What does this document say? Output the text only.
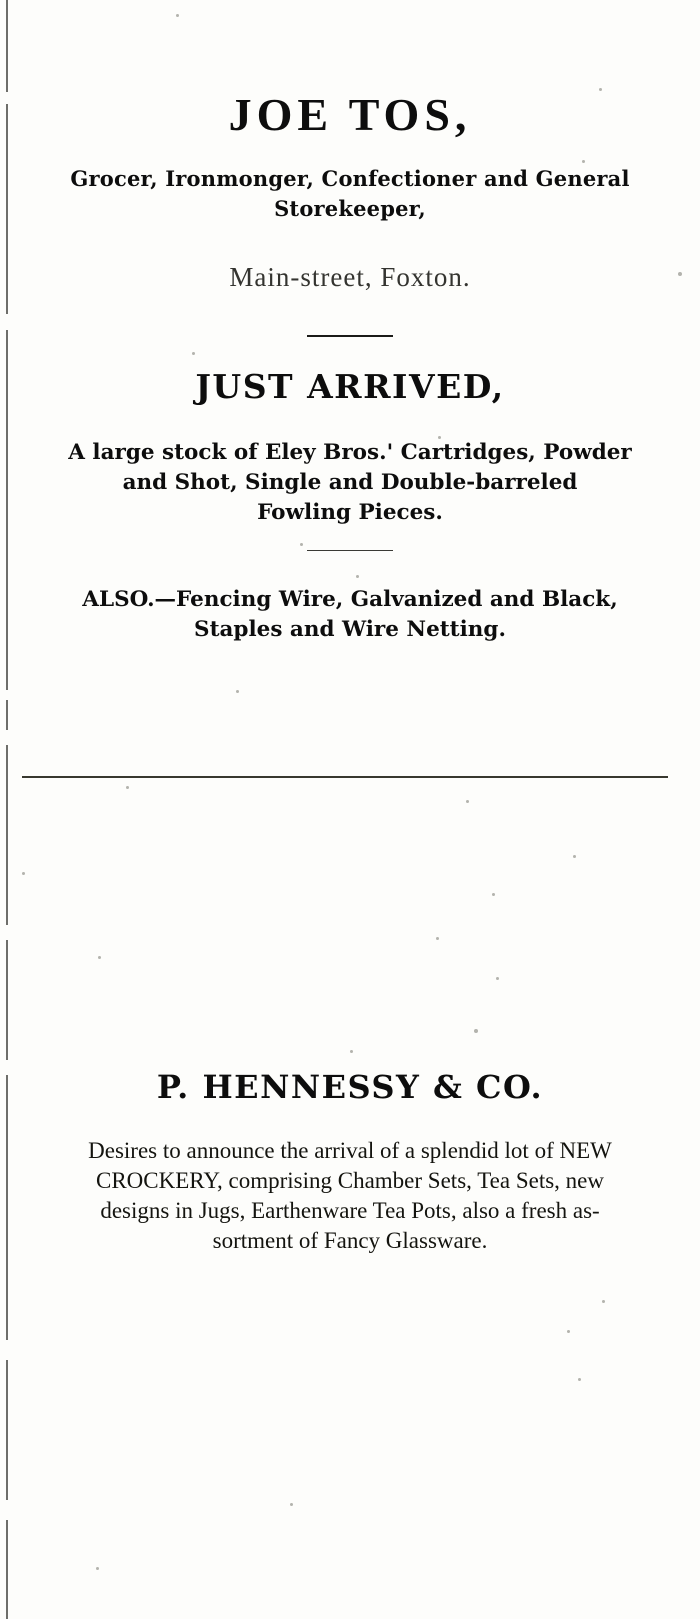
JOE TOS,
Grocer, Ironmonger, Confectioner and General
Storekeeper,
Main-street, Foxton.
JUST ARRIVED,
A large stock of Eley Bros.' Cartridges, Powder
and Shot, Single and Double-barreled
Fowling Pieces.
ALSO.—Fencing Wire, Galvanized and Black,
Staples and Wire Netting.
P. HENNESSY & CO.
Desires to announce the arrival of a splendid lot of NEW
CROCKERY, comprising Chamber Sets, Tea Sets, new
designs in Jugs, Earthenware Tea Pots, also a fresh as-
sortment of Fancy Glassware.
